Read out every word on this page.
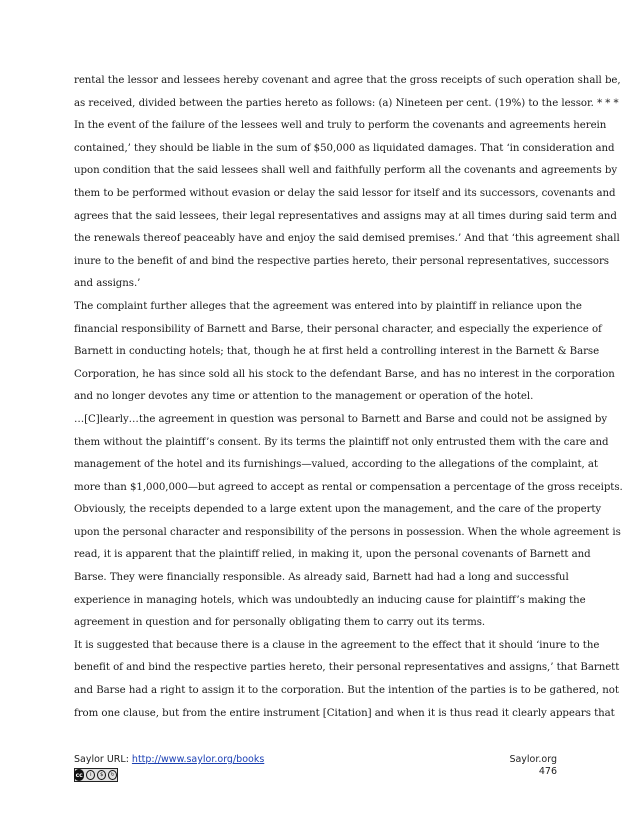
rental the lessor and lessees hereby covenant and agree that the gross receipts of such operation shall be,
as received, divided between the parties hereto as follows: (a) Nineteen per cent. (19%) to the lessor. * * *
In the event of the failure of the lessees well and truly to perform the covenants and agreements herein
contained,’ they should be liable in the sum of $50,000 as liquidated damages. That ‘in consideration and
upon condition that the said lessees shall well and faithfully perform all the covenants and agreements by
them to be performed without evasion or delay the said lessor for itself and its successors, covenants and
agrees that the said lessees, their legal representatives and assigns may at all times during said term and
the renewals thereof peaceably have and enjoy the said demised premises.’ And that ‘this agreement shall
inure to the benefit of and bind the respective parties hereto, their personal representatives, successors
and assigns.’
The complaint further alleges that the agreement was entered into by plaintiff in reliance upon the
financial responsibility of Barnett and Barse, their personal character, and especially the experience of
Barnett in conducting hotels; that, though he at first held a controlling interest in the Barnett & Barse
Corporation, he has since sold all his stock to the defendant Barse, and has no interest in the corporation
and no longer devotes any time or attention to the management or operation of the hotel.
…[C]learly…the agreement in question was personal to Barnett and Barse and could not be assigned by
them without the plaintiff’s consent. By its terms the plaintiff not only entrusted them with the care and
management of the hotel and its furnishings—valued, according to the allegations of the complaint, at
more than $1,000,000—but agreed to accept as rental or compensation a percentage of the gross receipts.
Obviously, the receipts depended to a large extent upon the management, and the care of the property
upon the personal character and responsibility of the persons in possession. When the whole agreement is
read, it is apparent that the plaintiff relied, in making it, upon the personal covenants of Barnett and
Barse. They were financially responsible. As already said, Barnett had had a long and successful
experience in managing hotels, which was undoubtedly an inducing cause for plaintiff’s making the
agreement in question and for personally obligating them to carry out its terms.
It is suggested that because there is a clause in the agreement to the effect that it should ‘inure to the
benefit of and bind the respective parties hereto, their personal representatives and assigns,’ that Barnett
and Barse had a right to assign it to the corporation. But the intention of the parties is to be gathered, not
from one clause, but from the entire instrument [Citation] and when it is thus read it clearly appears that
Saylor URL: http://www.saylor.org/books
cc	i	$	↻
Saylor.org
476
